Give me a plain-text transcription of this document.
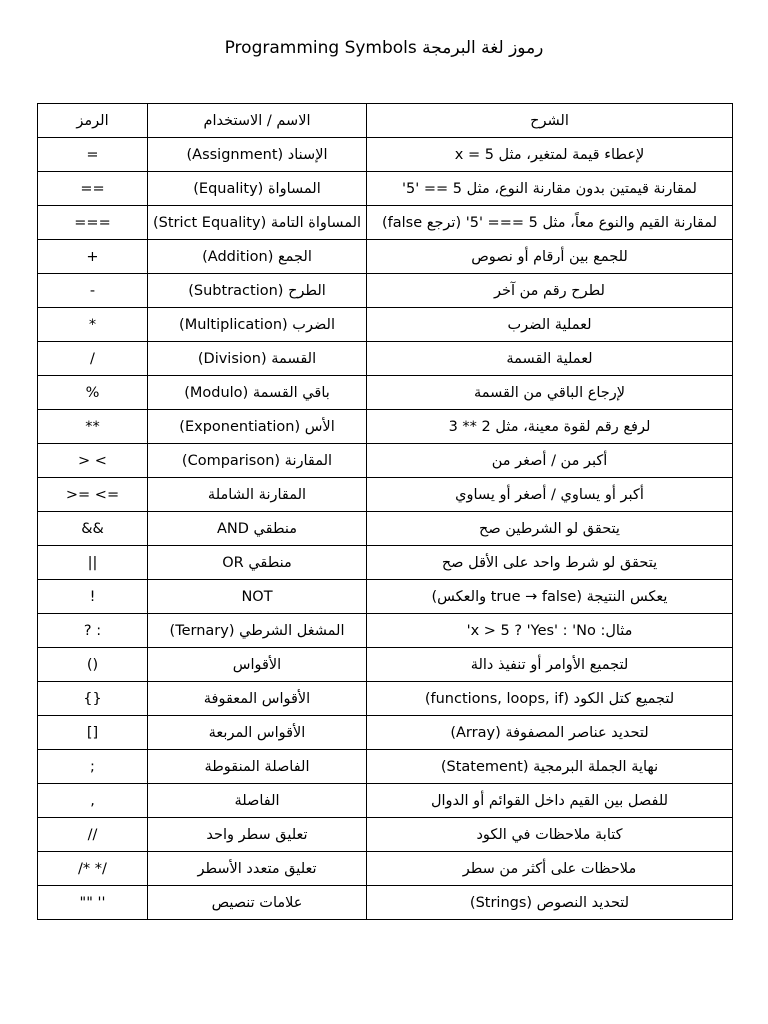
رموز لغة البرمجة Programming Symbols
الرمز	الاسم / الاستخدام	الشرح
=	الإسناد (Assignment)	لإعطاء قيمة لمتغير، مثل x = 5
==	المساواة (Equality)	لمقارنة قيمتين بدون مقارنة النوع، مثل 5 == '5'
===	المساواة التامة (Strict Equality)	لمقارنة القيم والنوع معاً، مثل 5 === '5' (ترجع false)
+	الجمع (Addition)	للجمع بين أرقام أو نصوص
-	الطرح (Subtraction)	لطرح رقم من آخر
*	الضرب (Multiplication)	لعملية الضرب
/	القسمة (Division)	لعملية القسمة
%	باقي القسمة (Modulo)	لإرجاع الباقي من القسمة
**	الأس (Exponentiation)	لرفع رقم لقوة معينة، مثل 2 ** 3
> <	المقارنة (Comparison)	أكبر من / أصغر من
>= <=	المقارنة الشاملة	أكبر أو يساوي / أصغر أو يساوي
&&	AND منطقي	يتحقق لو الشرطين صح
||	OR منطقي	يتحقق لو شرط واحد على الأقل صح
!	NOT	يعكس النتيجة (true → false والعكس)
? :	المشغل الشرطي (Ternary)	مثال: x > 5 ? 'Yes' : 'No'
()	الأقواس	لتجميع الأوامر أو تنفيذ دالة
{}	الأقواس المعقوفة	لتجميع كتل الكود (functions, loops, if)
[]	الأقواس المربعة	لتحديد عناصر المصفوفة (Array)
;	الفاصلة المنقوطة	نهاية الجملة البرمجية (Statement)
,	الفاصلة	للفصل بين القيم داخل القوائم أو الدوال
//	تعليق سطر واحد	كتابة ملاحظات في الكود
/* */	تعليق متعدد الأسطر	ملاحظات على أكثر من سطر
"" ''	علامات تنصيص	لتحديد النصوص (Strings)
